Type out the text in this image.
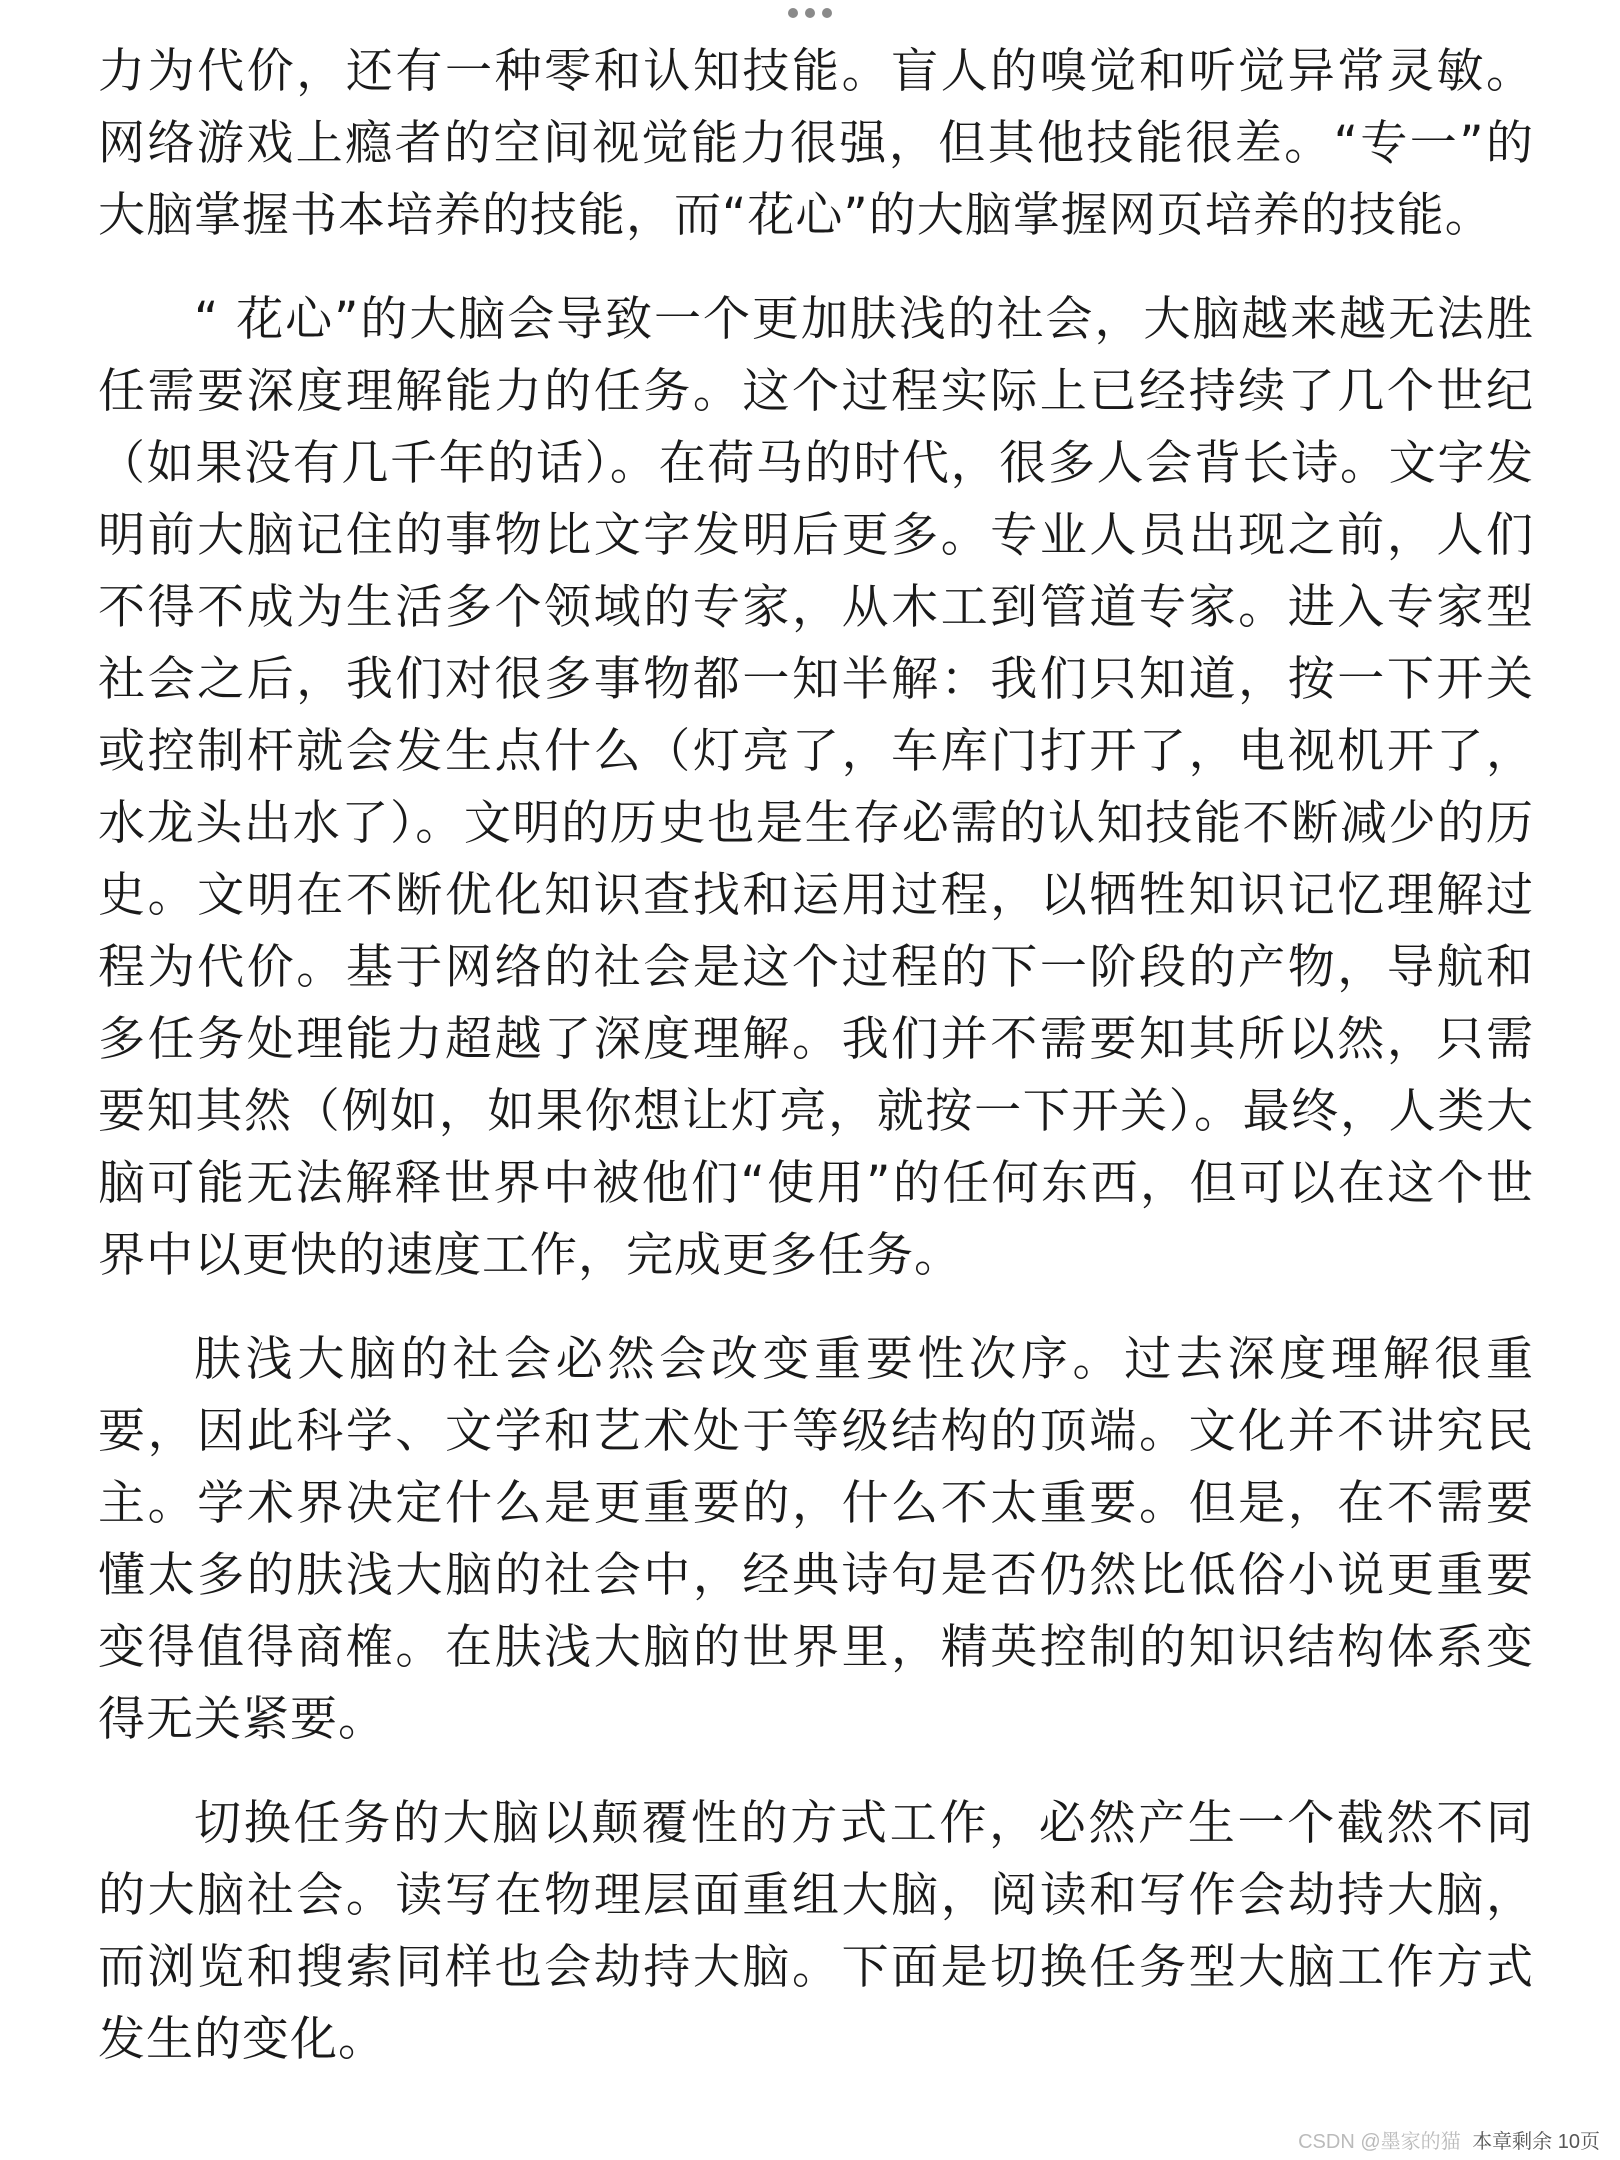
力为代价，还有一种零和认知技能。盲人的嗅觉和听觉异常灵敏。网络游戏上瘾者的空间视觉能力很强，但其他技能很差。“专一”的大脑掌握书本培养的技能，而“花心”的大脑掌握网页培养的技能。

“ 花心”的大脑会导致一个更加肤浅的社会，大脑越来越无法胜任需要深度理解能力的任务。这个过程实际上已经持续了几个世纪（如果没有几千年的话）。在荷马的时代，很多人会背长诗。文字发明前大脑记住的事物比文字发明后更多。专业人员出现之前，人们不得不成为生活多个领域的专家，从木工到管道专家。进入专家型社会之后，我们对很多事物都一知半解：我们只知道，按一下开关或控制杆就会发生点什么（灯亮了，车库门打开了，电视机开了，水龙头出水了）。文明的历史也是生存必需的认知技能不断减少的历史。文明在不断优化知识查找和运用过程，以牺牲知识记忆理解过程为代价。基于网络的社会是这个过程的下一阶段的产物，导航和多任务处理能力超越了深度理解。我们并不需要知其所以然，只需要知其然（例如，如果你想让灯亮，就按一下开关）。最终，人类大脑可能无法解释世界中被他们“使用”的任何东西，但可以在这个世界中以更快的速度工作，完成更多任务。

肤浅大脑的社会必然会改变重要性次序。过去深度理解很重要，因此科学、文学和艺术处于等级结构的顶端。文化并不讲究民主。学术界决定什么是更重要的，什么不太重要。但是，在不需要懂太多的肤浅大脑的社会中，经典诗句是否仍然比低俗小说更重要变得值得商榷。在肤浅大脑的世界里，精英控制的知识结构体系变得无关紧要。

切换任务的大脑以颠覆性的方式工作，必然产生一个截然不同的大脑社会。读写在物理层面重组大脑，阅读和写作会劫持大脑，而浏览和搜索同样也会劫持大脑。下面是切换任务型大脑工作方式发生的变化。

CSDN @墨家的猫 本章剩余 10页
